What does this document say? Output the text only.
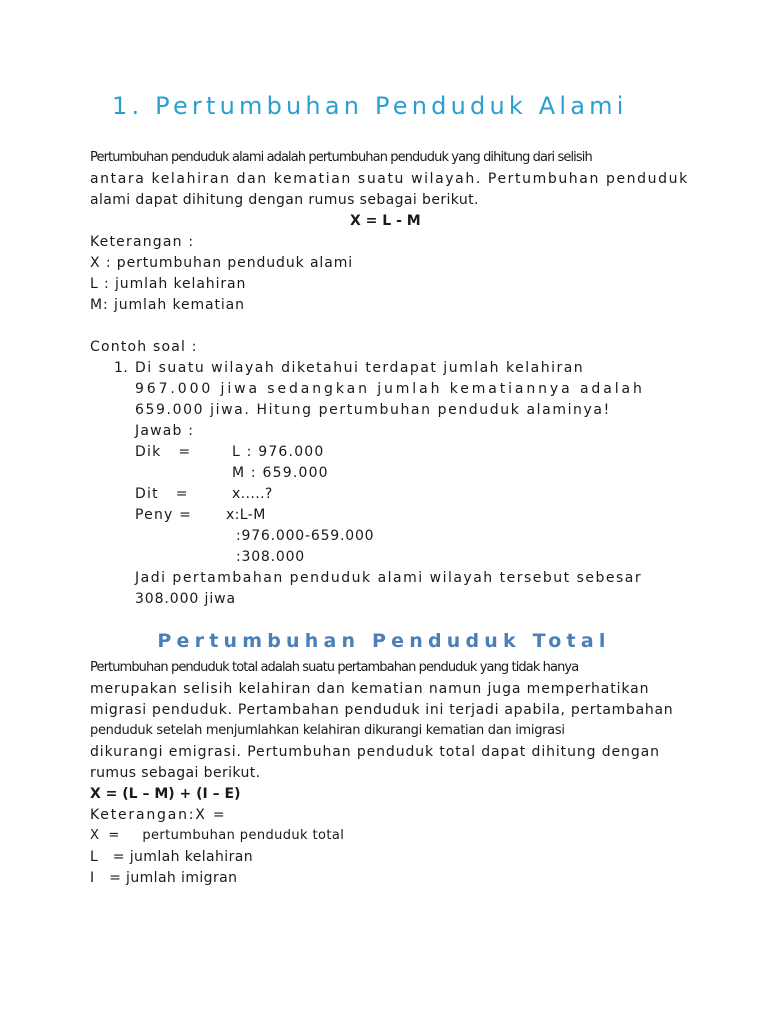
1. Pertumbuhan Penduduk Alami
Pertumbuhan penduduk alami adalah pertumbuhan penduduk yang dihitung dari selisih
antara kelahiran dan kematian suatu wilayah. Pertumbuhan penduduk
alami dapat dihitung dengan rumus sebagai berikut.
X = L - M
Keterangan :
X : pertumbuhan penduduk alami
L : jumlah kelahiran
M: jumlah kematian
Contoh soal :
1. Di suatu wilayah diketahui terdapat jumlah kelahiran
967.000 jiwa sedangkan jumlah kematiannya adalah
659.000 jiwa. Hitung pertumbuhan penduduk alaminya!
Jawab :
Dik   =	L : 976.000
M : 659.000
Dit   =	x.....?
Peny = x:L-M
:976.000-659.000
:308.000
Jadi pertambahan penduduk alami wilayah tersebut sebesar
308.000 jiwa
Pertumbuhan Penduduk Total
Pertumbuhan penduduk total adalah suatu pertambahan penduduk yang tidak hanya
merupakan selisih kelahiran dan kematian namun juga memperhatikan
migrasi penduduk. Pertambahan penduduk ini terjadi apabila, pertambahan
penduduk setelah menjumlahkan kelahiran dikurangi kematian dan imigrasi
dikurangi emigrasi. Pertumbuhan penduduk total dapat dihitung dengan
rumus sebagai berikut.
X = (L – M) + (I – E)
Keterangan:X =
X  =     pertumbuhan penduduk total
L   = jumlah kelahiran
I   = jumlah imigran
